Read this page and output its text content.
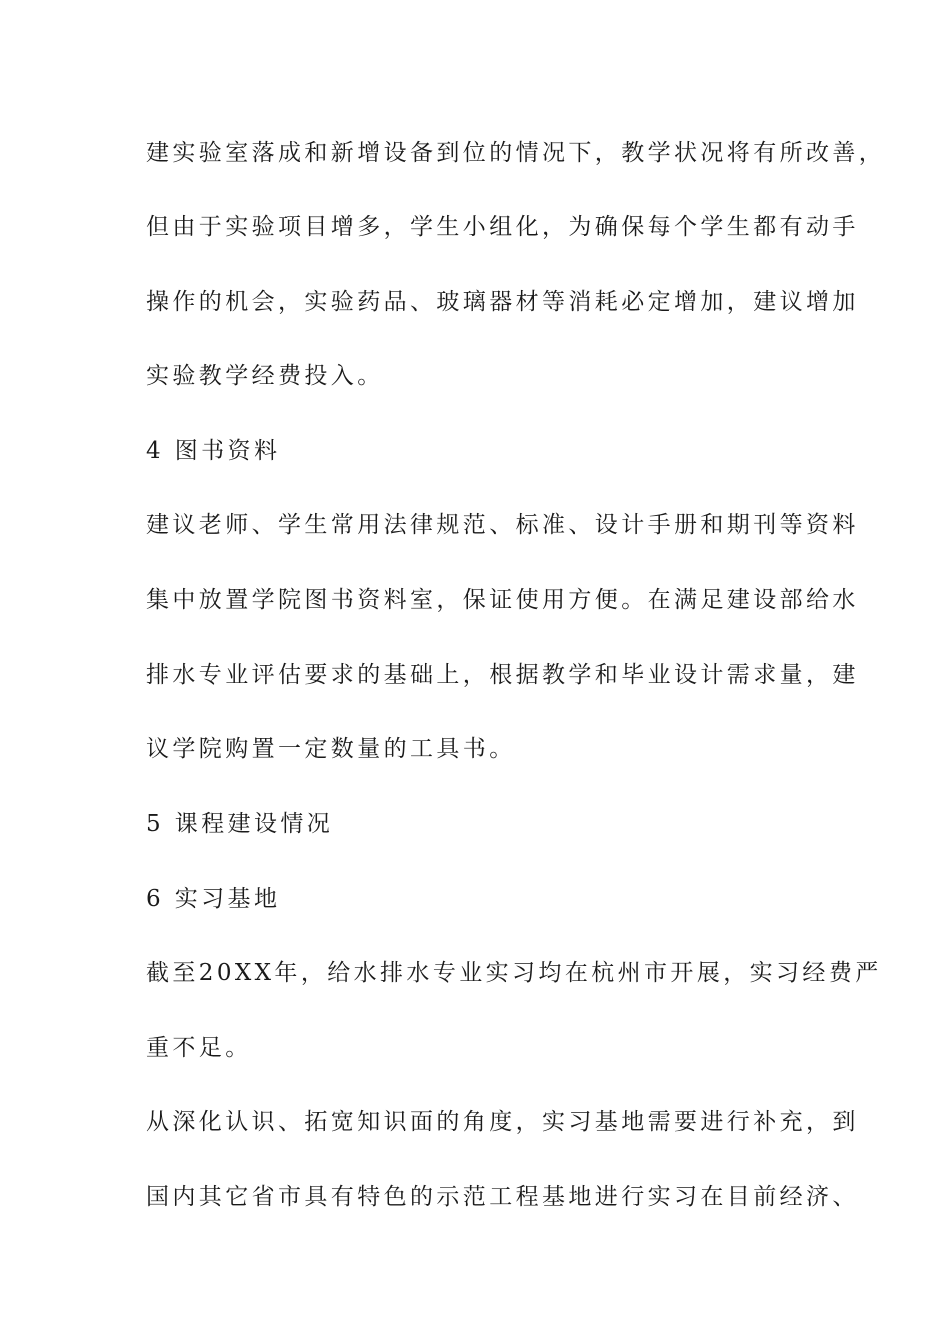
建实验室落成和新增设备到位的情况下，教学状况将有所改善，
但由于实验项目增多，学生小组化，为确保每个学生都有动手
操作的机会，实验药品、玻璃器材等消耗必定增加，建议增加
实验教学经费投入。
4 图书资料
建议老师、学生常用法律规范、标准、设计手册和期刊等资料
集中放置学院图书资料室，保证使用方便。在满足建设部给水
排水专业评估要求的基础上，根据教学和毕业设计需求量，建
议学院购置一定数量的工具书。
5 课程建设情况
6 实习基地
截至20XX年，给水排水专业实习均在杭州市开展，实习经费严
重不足。
从深化认识、拓宽知识面的角度，实习基地需要进行补充，到
国内其它省市具有特色的示范工程基地进行实习在目前经济、
